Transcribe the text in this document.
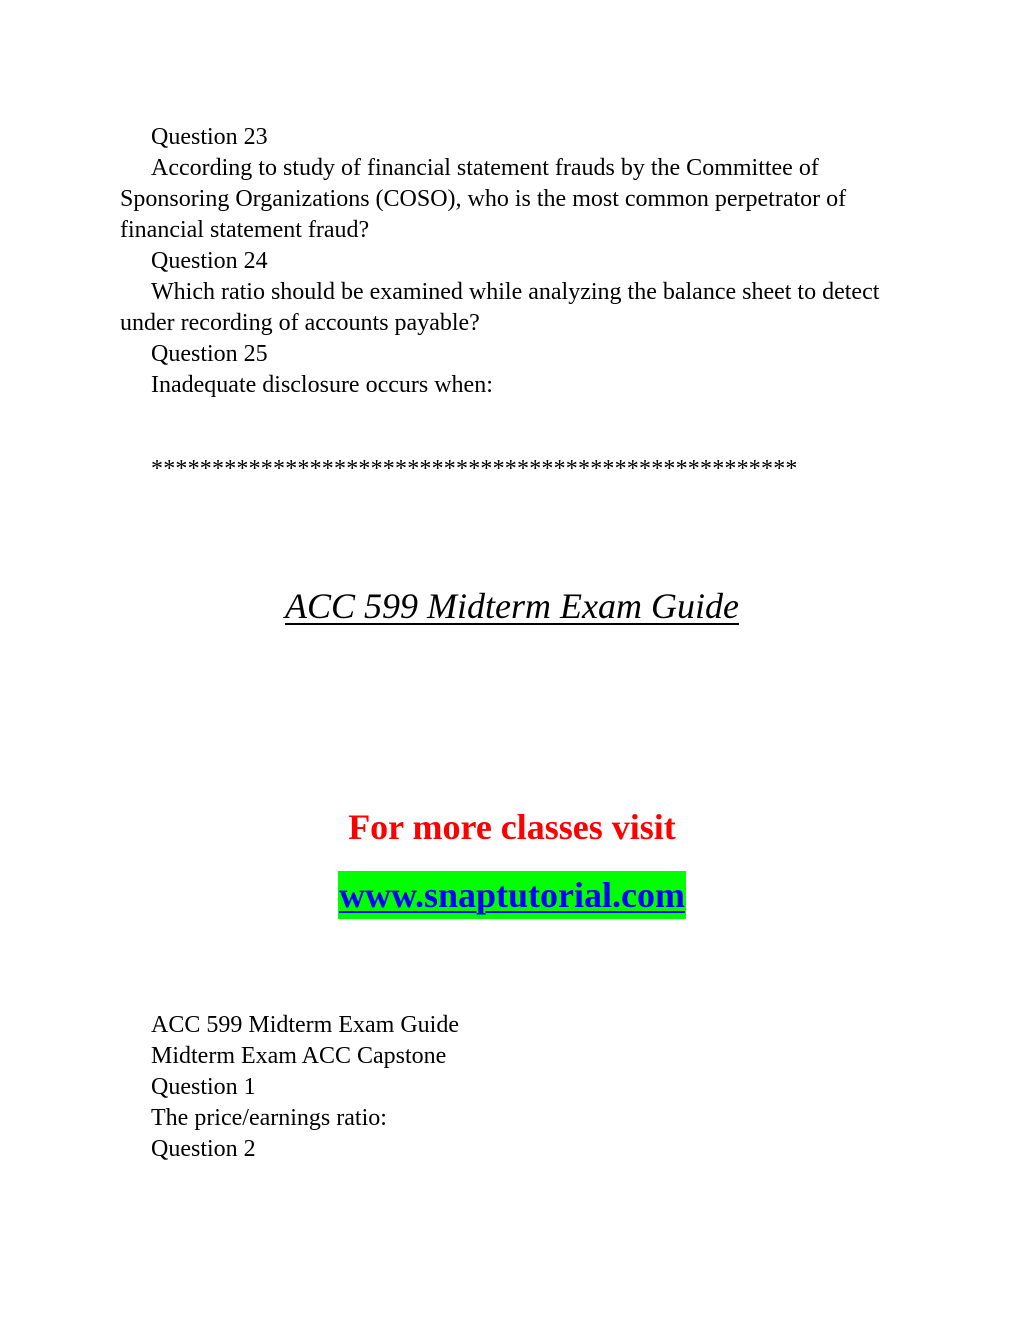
Question 23

According to study of financial statement frauds by the Committee of Sponsoring Organizations (COSO), who is the most common perpetrator of financial statement fraud?

Question 24

Which ratio should be examined while analyzing the balance sheet to detect under recording of accounts payable?

Question 25

Inadequate disclosure occurs when:

*****************************************************

ACC 599 Midterm Exam Guide

For more classes visit

www.snaptutorial.com

ACC 599 Midterm Exam Guide

Midterm Exam ACC Capstone

Question 1

The price/earnings ratio:

Question 2
